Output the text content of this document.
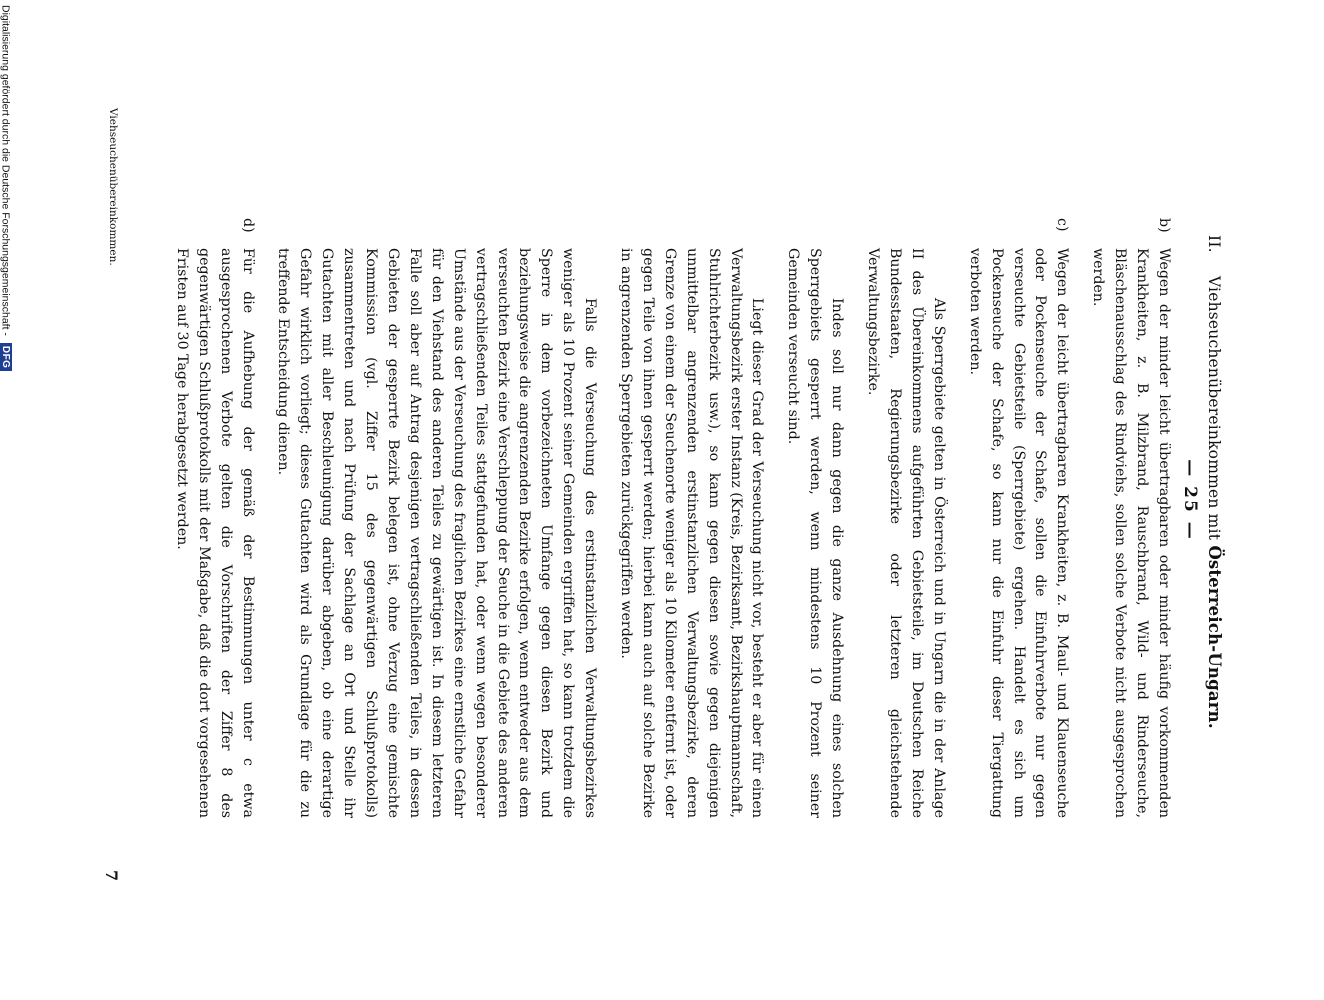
II. Viehseuchenübereinkommen mit Österreich-Ungarn.
— 25 —
b)

Wegen der minder leicht übertragbaren oder minder häufig vorkommenden Krankheiten, z. B. Milzbrand, Rauschbrand, Wild- und Rinderseuche, Bläschenausschlag des Rindviehs, sollen solche Verbote nicht ausgesprochen werden.

c)

Wegen der leicht übertragbaren Krankheiten, z. B. Maul- und Klauenseuche oder Pockenseuche der Schafe, sollen die Einfuhrverbote nur gegen verseuchte Gebietsteile (Sperrgebiete) ergehen. Handelt es sich um Pockenseuche der Schafe, so kann nur die Einfuhr dieser Tiergattung verboten werden.

Als Sperrgebiete gelten in Österreich und in Ungarn die in der Anlage II des Übereinkommens aufgeführten Gebietsteile, im Deutschen Reiche Bundesstaaten, Regierungsbezirke oder letzteren gleichstehende Verwaltungsbezirke.

Indes soll nur dann gegen die ganze Ausdehnung eines solchen Sperrgebiets gesperrt werden, wenn mindestens 10 Prozent seiner Gemeinden verseucht sind.

Liegt dieser Grad der Verseuchung nicht vor, besteht er aber für einen Verwaltungsbezirk erster Instanz (Kreis, Bezirksamt, Bezirkshauptmannschaft, Stuhlrichterbezirk usw.), so kann gegen diesen sowie gegen diejenigen unmittelbar angrenzenden erstinstanzlichen Verwaltungsbezirke, deren Grenze von einem der Seuchenorte weniger als 10 Kilometer entfernt ist, oder gegen Teile von ihnen gesperrt werden; hierbei kann auch auf solche Bezirke in angrenzenden Sperrgebieten zurückgegriffen werden.

Falls die Verseuchung des erstinstanzlichen Verwaltungsbezirkes weniger als 10 Prozent seiner Gemeinden ergriffen hat, so kann trotzdem die Sperre in dem vorbezeichneten Umfange gegen diesen Bezirk und beziehungsweise die angrenzenden Bezirke erfolgen, wenn entweder aus dem verseuchten Bezirk eine Verschleppung der Seuche in die Gebiete des anderen vertragschließenden Teiles stattgefunden hat, oder wenn wegen besonderer Umstände aus der Verseuchung des fraglichen Bezirkes eine ernstliche Gefahr für den Viehstand des anderen Teiles zu gewärtigen ist. In diesem letzteren Falle soll aber auf Antrag desjenigen vertragschließenden Teiles, in dessen Gebieten der gesperrte Bezirk belegen ist, ohne Verzug eine gemischte Kommission (vgl. Ziffer 15 des gegenwärtigen Schlußprotokolls) zusammentreten und nach Prüfung der Sachlage an Ort und Stelle ihr Gutachten mit aller Beschleunigung darüber abgeben, ob eine derartige Gefahr wirklich vorliegt; dieses Gutachten wird als Grundlage für die zu treffende Entscheidung dienen.

d)

Für die Aufhebung der gemäß der Bestimmungen unter c etwa ausgesprochenen Verbote gelten die Vorschriften der Ziffer 8 des gegenwärtigen Schlußprotokolls mit der Maßgabe, daß die dort vorgesehenen Fristen auf 30 Tage herabgesetzt werden.

Viehseuchenübereinkommen.
7
Digitalisierung gefördert durch die Deutsche Forschungsgemeinschaft - DFG
